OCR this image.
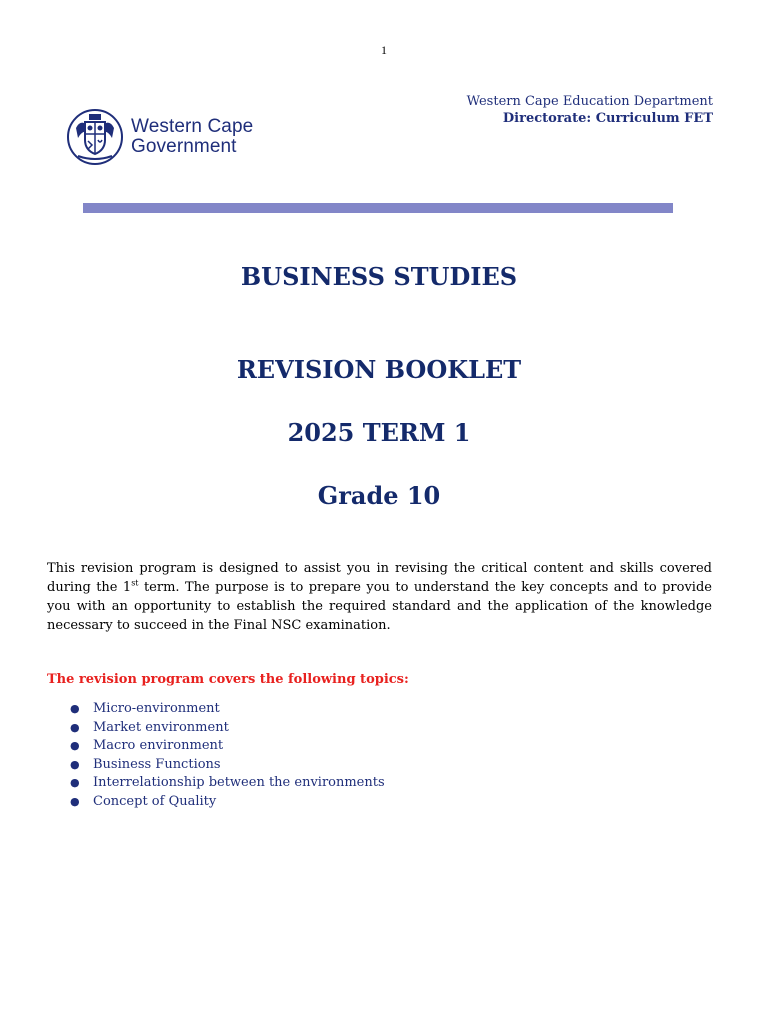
1
Western Cape
Government
Western Cape Education Department
Directorate: Curriculum FET
BUSINESS STUDIES
REVISION BOOKLET
2025 TERM 1
Grade 10
This revision program is designed to assist you in revising the critical content and skills covered during the 1st term. The purpose is to prepare you to understand the key concepts and to provide you with an opportunity to establish the required standard and the application of the knowledge necessary to succeed in the Final NSC examination.
The revision program covers the following topics:
● Micro-environment
● Market environment
● Macro environment
● Business Functions
● Interrelationship between the environments
● Concept of Quality
